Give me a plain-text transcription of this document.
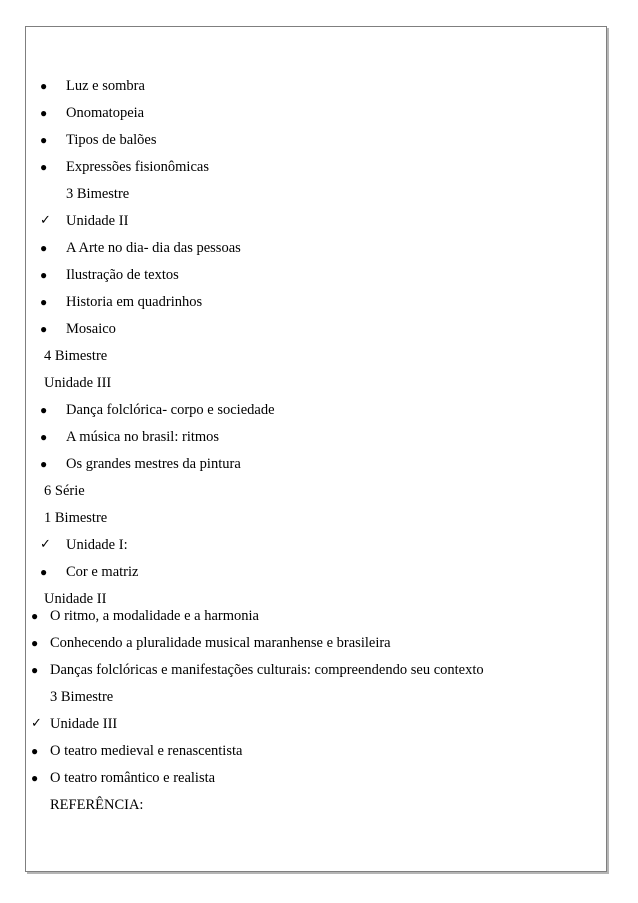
● Luz e sombra
● Onomatopeia
● Tipos de balões
● Expressões fisionômicas
3 Bimestre
✓ Unidade II
● A Arte no dia- dia das pessoas
● Ilustração de textos
● Historia em quadrinhos
● Mosaico
4 Bimestre
Unidade III
● Dança folclórica- corpo e sociedade
● A música no brasil: ritmos
● Os grandes mestres da pintura
6 Série
1 Bimestre
✓ Unidade I:
● Cor e matriz
Unidade II
● O ritmo, a modalidade e a harmonia
● Conhecendo a pluralidade musical maranhense e brasileira
● Danças folclóricas e manifestações culturais: compreendendo seu contexto
3 Bimestre
✓ Unidade III
● O teatro medieval e renascentista
● O teatro romântico e realista
REFERÊNCIA:
